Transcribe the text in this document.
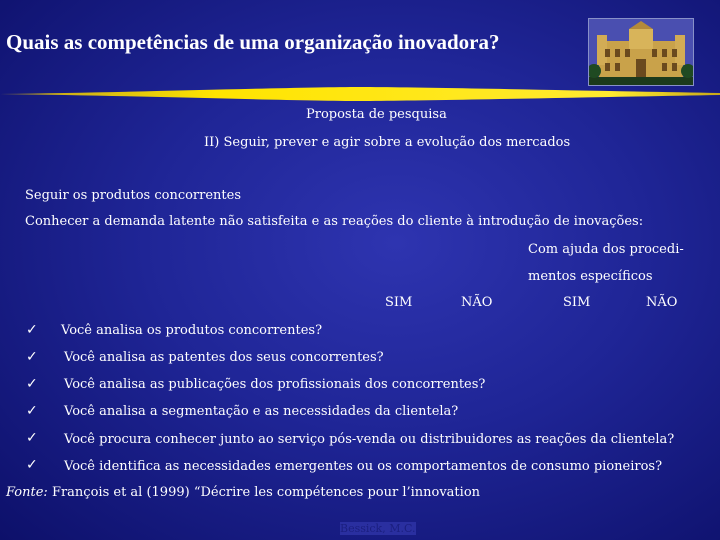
Quais as competências de uma organização inovadora?
Proposta de pesquisa
II) Seguir, prever e agir sobre a evolução dos mercados
Seguir os produtos concorrentes
Conhecer a demanda latente não satisfeita e as reações do cliente à introdução de inovações:
Com ajuda dos procedi-
mentos específicos
SIM	NÃO	SIM	NÃO
✓ Você analisa os produtos concorrentes?
✓ Você analisa as patentes dos seus concorrentes?
✓ Você analisa as publicações dos profissionais dos concorrentes?
✓ Você analisa a segmentação e as necessidades da clientela?
✓ Você procura conhecer junto ao serviço pós-venda ou distribuidores as reações da clientela?
✓ Você identifica as necessidades emergentes ou os comportamentos de consumo pioneiros?
Fonte: François et al (1999) “Décrire les compétences pour l’innovation
Bessick, M.C.
